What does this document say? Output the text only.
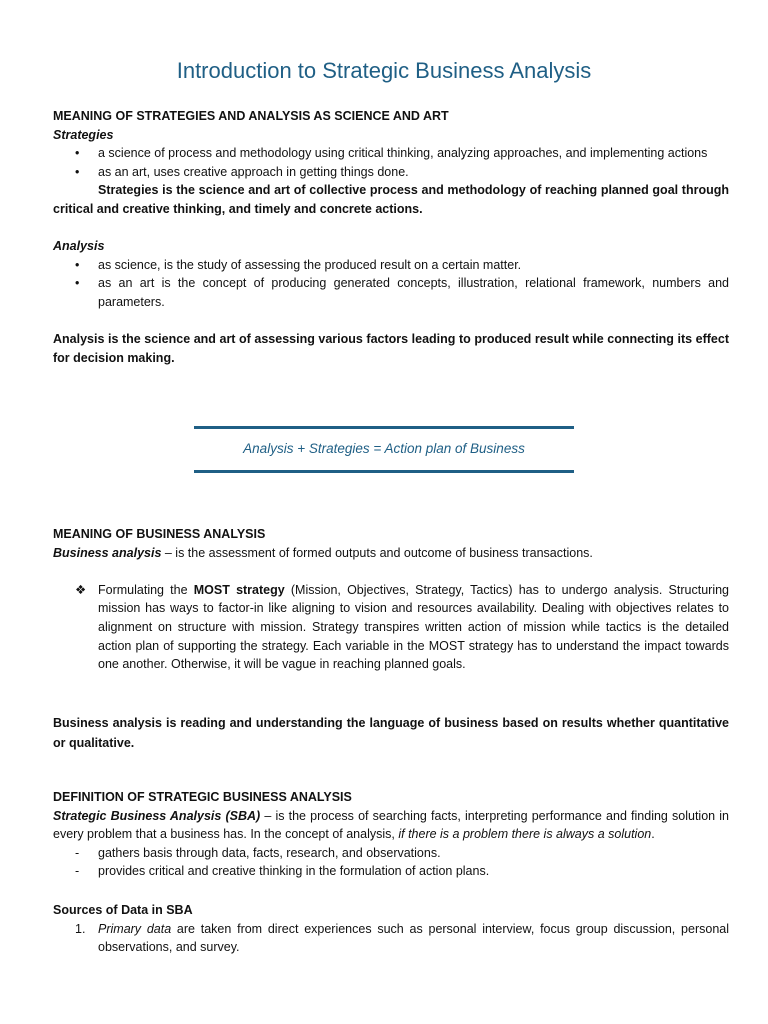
Introduction to Strategic Business Analysis
MEANING OF STRATEGIES AND ANALYSIS AS SCIENCE AND ART
Strategies
•	a science of process and methodology using critical thinking, analyzing approaches, and implementing actions
•	as an art, uses creative approach in getting things done.
Strategies is the science and art of collective process and methodology of reaching planned goal through critical and creative thinking, and timely and concrete actions.
Analysis
•	as science, is the study of assessing the produced result on a certain matter.
•	as an art is the concept of producing generated concepts, illustration, relational framework, numbers and parameters.
Analysis is the science and art of assessing various factors leading to produced result while connecting its effect for decision making.
Analysis + Strategies = Action plan of Business
MEANING OF BUSINESS ANALYSIS
Business analysis – is the assessment of formed outputs and outcome of business transactions.
❖ Formulating the MOST strategy (Mission, Objectives, Strategy, Tactics) has to undergo analysis. Structuring mission has ways to factor-in like aligning to vision and resources availability. Dealing with objectives relates to alignment on structure with mission. Strategy transpires written action of mission while tactics is the detailed action plan of supporting the strategy. Each variable in the MOST strategy has to understand the impact towards one another. Otherwise, it will be vague in reaching planned goals.
Business analysis is reading and understanding the language of business based on results whether quantitative or qualitative.
DEFINITION OF STRATEGIC BUSINESS ANALYSIS
Strategic Business Analysis (SBA) – is the process of searching facts, interpreting performance and finding solution in every problem that a business has. In the concept of analysis, if there is a problem there is always a solution.
-	gathers basis through data, facts, research, and observations.
-	provides critical and creative thinking in the formulation of action plans.
Sources of Data in SBA
1.	Primary data are taken from direct experiences such as personal interview, focus group discussion, personal observations, and survey.
